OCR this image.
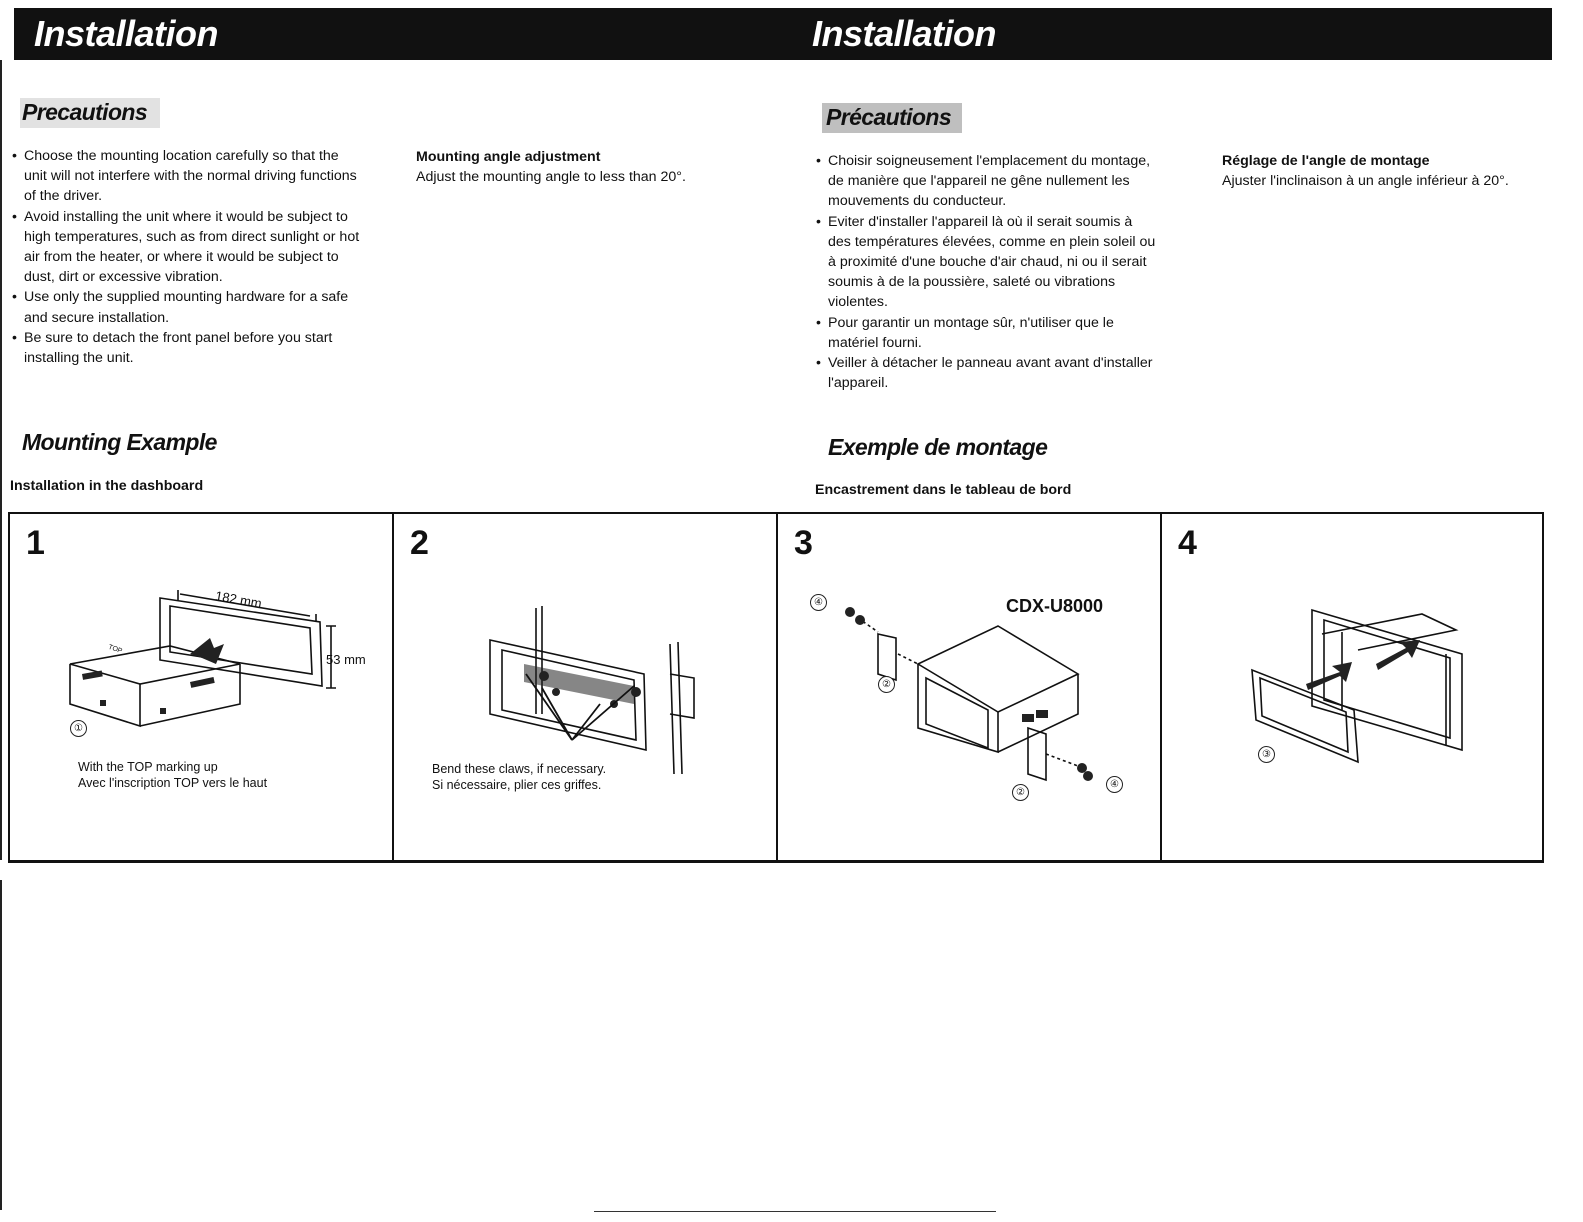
Installation	Installation
Precautions
• Choose the mounting location carefully so that the unit will not interfere with the normal driving functions of the driver.
• Avoid installing the unit where it would be subject to high temperatures, such as from direct sunlight or hot air from the heater, or where it would be subject to dust, dirt or excessive vibration.
• Use only the supplied mounting hardware for a safe and secure installation.
• Be sure to detach the front panel before you start installing the unit.
Mounting angle adjustment
Adjust the mounting angle to less than 20°.
Mounting Example
Installation in the dashboard
Précautions
• Choisir soigneusement l'emplacement du montage, de manière que l'appareil ne gêne nullement les mouvements du conducteur.
• Eviter d'installer l'appareil là où il serait soumis à des températures élevées, comme en plein soleil ou à proximité d'une bouche d'air chaud, ni ou il serait soumis à de la poussière, saleté ou vibrations violentes.
• Pour garantir un montage sûr, n'utiliser que le matériel fourni.
• Veiller à détacher le panneau avant avant d'installer l'appareil.
Réglage de l'angle de montage
Ajuster l'inclinaison à un angle inférieur à 20°.
Exemple de montage
Encastrement dans le tableau de bord
1
182 mm
53 mm
TOP
①
With the TOP marking up
Avec l'inscription TOP vers le haut
2
Bend these claws, if necessary.
Si nécessaire, plier ces griffes.
3
CDX-U8000
④
②
②
④
4
③
